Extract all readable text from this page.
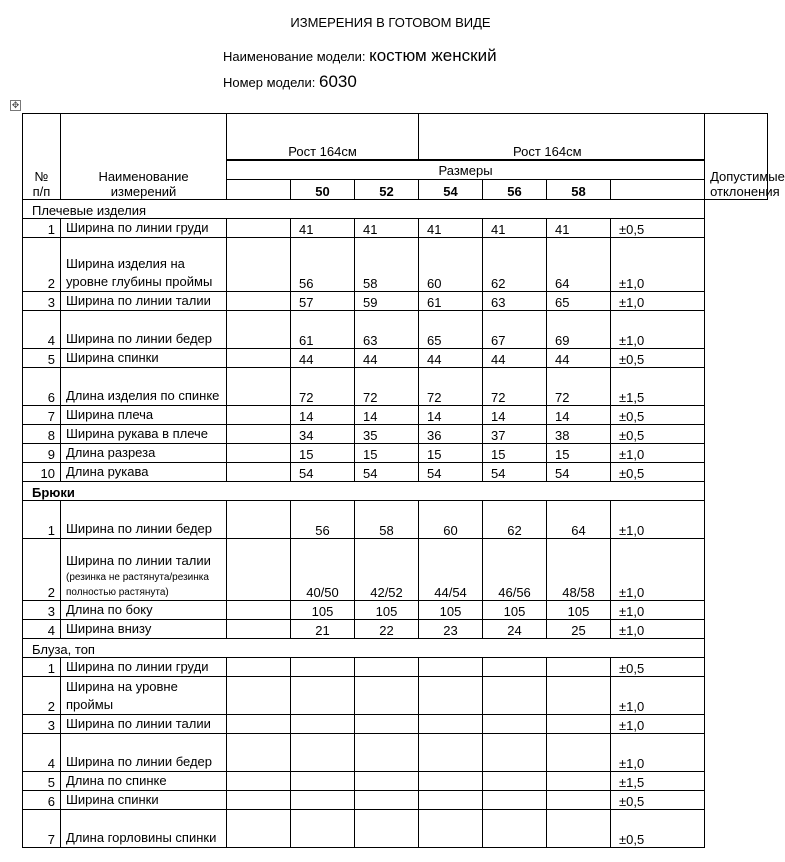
ИЗМЕРЕНИЯ В ГОТОВОМ ВИДЕ
Наименование модели: костюм женский
Номер модели: 6030
✥
№ п/п	Наименование измерений	Рост 164см			Рост 164см				Допустимые отклонения

		Размеры							
			50	52	54	56	58		
Плечевые изделия									
1	Ширина по линии груди		41	41	41	41	41	±0,5	
2	Ширина изделия на уровне глубины проймы		56	58	60	62	64	±1,0	
3	Ширина по линии талии		57	59	61	63	65	±1,0	
4	Ширина по линии бедер		61	63	65	67	69	±1,0	
5	Ширина спинки		44	44	44	44	44	±0,5	
6	Длина изделия по спинке		72	72	72	72	72	±1,5	
7	Ширина плеча		14	14	14	14	14	±0,5	
8	Ширина рукава в плече		34	35	36	37	38	±0,5	
9	Длина разреза		15	15	15	15	15	±1,0	
10	Длина рукава		54	54	54	54	54	±0,5	
Брюки									
1	Ширина по линии бедер		56	58	60	62	64	±1,0	
2	Ширина по линии талии
(резинка не растянута/резинка полностью растянута)		40/50	42/52	44/54	46/56	48/58	±1,0	
3	Длина по боку		105	105	105	105	105	±1,0	
4	Ширина внизу		21	22	23	24	25	±1,0	
Блуза, топ									
1	Ширина по линии груди							±0,5	
2	Ширина на уровне проймы							±1,0	
3	Ширина по линии талии							±1,0	
4	Ширина по линии бедер							±1,0	
5	Длина по спинке							±1,5	
6	Ширина спинки							±0,5	
7	Длина горловины спинки							±0,5	
